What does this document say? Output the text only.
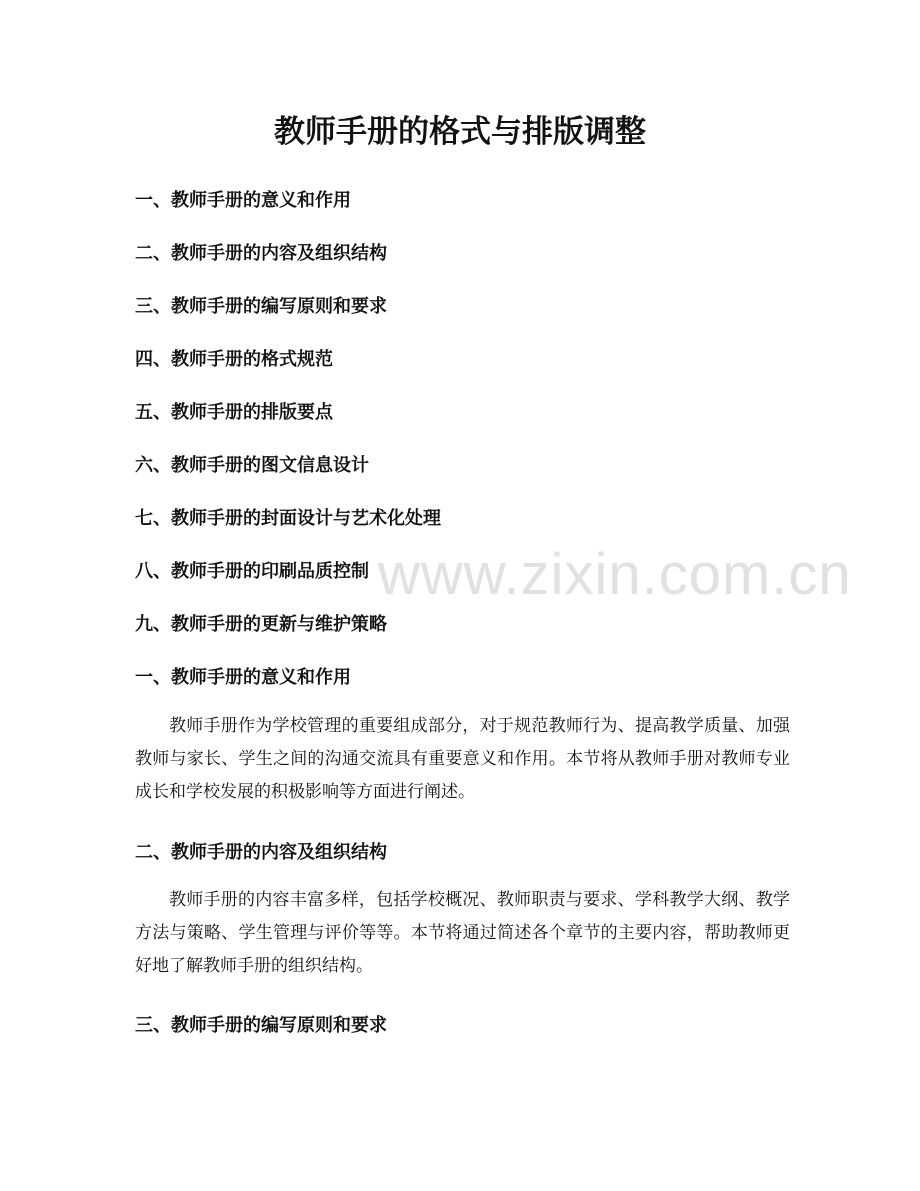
教师手册的格式与排版调整

一、教师手册的意义和作用

二、教师手册的内容及组织结构

三、教师手册的编写原则和要求

四、教师手册的格式规范

五、教师手册的排版要点

六、教师手册的图文信息设计

七、教师手册的封面设计与艺术化处理

八、教师手册的印刷品质控制

九、教师手册的更新与维护策略

一、教师手册的意义和作用

教师手册作为学校管理的重要组成部分，对于规范教师行为、提高教学质量、加强教师与家长、学生之间的沟通交流具有重要意义和作用。本节将从教师手册对教师专业成长和学校发展的积极影响等方面进行阐述。

二、教师手册的内容及组织结构

教师手册的内容丰富多样，包括学校概况、教师职责与要求、学科教学大纲、教学方法与策略、学生管理与评价等等。本节将通过简述各个章节的主要内容，帮助教师更好地了解教师手册的组织结构。

三、教师手册的编写原则和要求

www.zixin.com.cn
